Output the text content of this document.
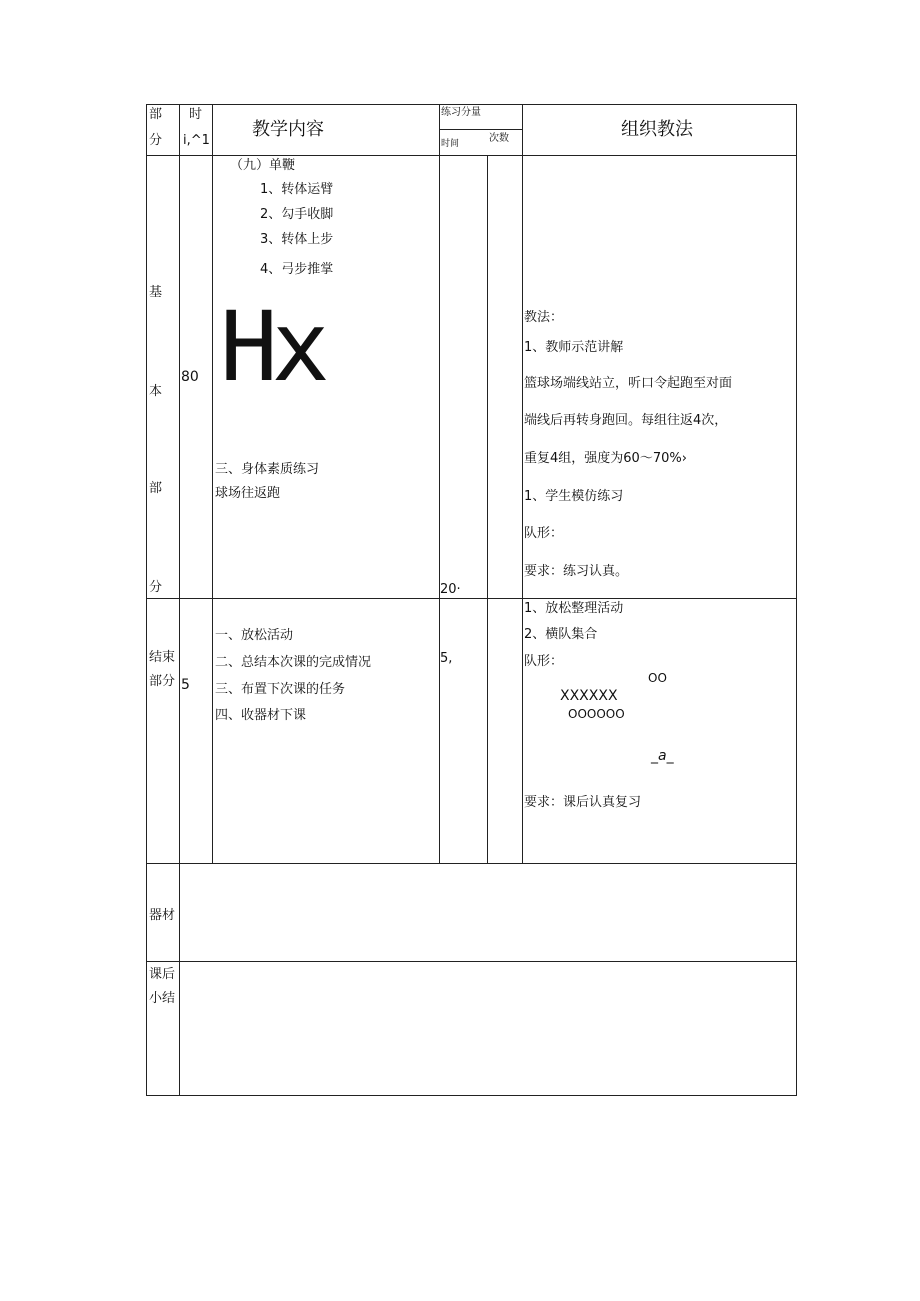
部
分
时
i,^1
教学内容
练习分量
时间	次数	组织教法
基
本
部
分
80
（九）单鞭
1、转体运臂
2、勾手收脚
3、转体上步
4、弓步推掌
Hx
三、身体素质练习
球场往返跑
20·
教法：
1、教师示范讲解
篮球场端线站立，听口令起跑至对面
端线后再转身跑回。每组往返4次，
重复4组，强度为60～70%›
1、学生模仿练习
队形：
要求：练习认真。
结束
部分 5
一、放松活动
二、总结本次课的完成情况
三、布置下次课的任务
四、收器材下课
5,
1、放松整理活动
2、横队集合
队形：
OO
XXXXXX
OOOOOO
_a_
要求：课后认真复习
器材
课后
小结
